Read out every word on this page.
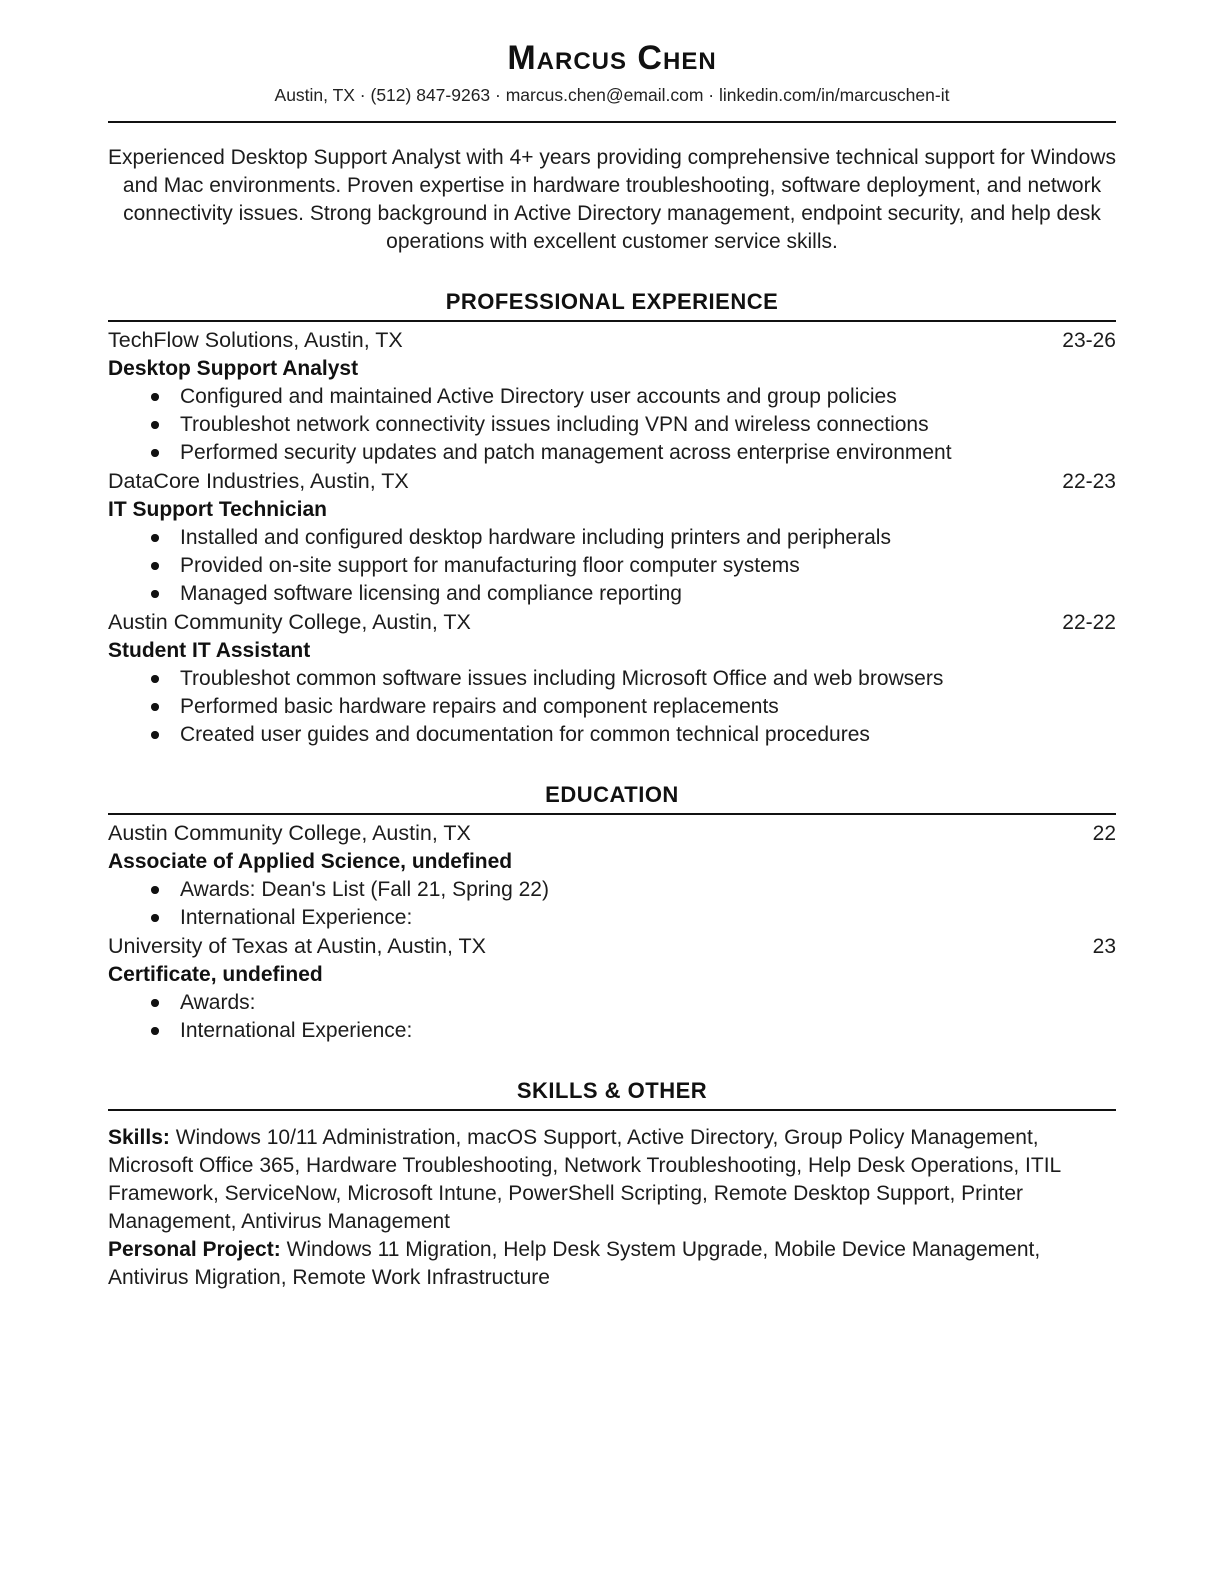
Marcus Chen
Austin, TX · (512) 847-9263 · marcus.chen@email.com · linkedin.com/in/marcuschen-it

Experienced Desktop Support Analyst with 4+ years providing comprehensive technical support for Windows and Mac environments. Proven expertise in hardware troubleshooting, software deployment, and network connectivity issues. Strong background in Active Directory management, endpoint security, and help desk operations with excellent customer service skills.

PROFESSIONAL EXPERIENCE
TechFlow Solutions, Austin, TX	23-26
Desktop Support Analyst
Configured and maintained Active Directory user accounts and group policies
Troubleshot network connectivity issues including VPN and wireless connections
Performed security updates and patch management across enterprise environment
DataCore Industries, Austin, TX	22-23
IT Support Technician
Installed and configured desktop hardware including printers and peripherals
Provided on-site support for manufacturing floor computer systems
Managed software licensing and compliance reporting
Austin Community College, Austin, TX	22-22
Student IT Assistant
Troubleshot common software issues including Microsoft Office and web browsers
Performed basic hardware repairs and component replacements
Created user guides and documentation for common technical procedures
EDUCATION
Austin Community College, Austin, TX	22
Associate of Applied Science, undefined
Awards: Dean's List (Fall 21, Spring 22)
International Experience:
University of Texas at Austin, Austin, TX	23
Certificate, undefined
Awards:
International Experience:
SKILLS & OTHER

Skills: Windows 10/11 Administration, macOS Support, Active Directory, Group Policy Management, Microsoft Office 365, Hardware Troubleshooting, Network Troubleshooting, Help Desk Operations, ITIL Framework, ServiceNow, Microsoft Intune, PowerShell Scripting, Remote Desktop Support, Printer Management, Antivirus Management

Personal Project: Windows 11 Migration, Help Desk System Upgrade, Mobile Device Management, Antivirus Migration, Remote Work Infrastructure
